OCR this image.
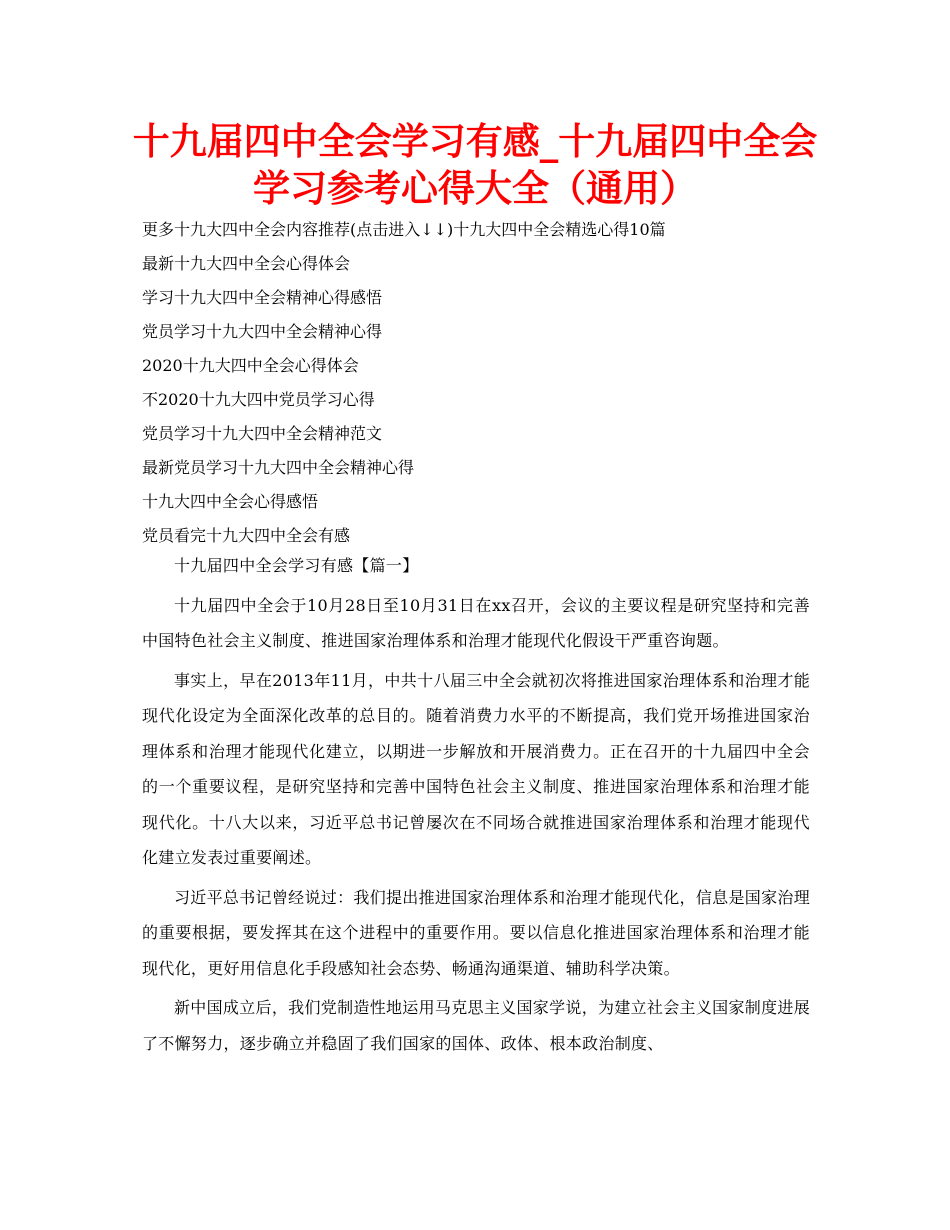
十九届四中全会学习有感_十九届四中全会
学习参考心得大全（通用）
更多十九大四中全会内容推荐(点击进入↓↓)十九大四中全会精选心得10篇
最新十九大四中全会心得体会
学习十九大四中全会精神心得感悟
党员学习十九大四中全会精神心得
2020十九大四中全会心得体会
不2020十九大四中党员学习心得
党员学习十九大四中全会精神范文
最新党员学习十九大四中全会精神心得
十九大四中全会心得感悟
党员看完十九大四中全会有感

十九届四中全会学习有感【篇一】

十九届四中全会于10月28日至10月31日在xx召开，会议的主要议程是研究坚持和完善中国特色社会主义制度、推进国家治理体系和治理才能现代化假设干严重咨询题。

事实上，早在2013年11月，中共十八届三中全会就初次将推进国家治理体系和治理才能现代化设定为全面深化改革的总目的。随着消费力水平的不断提高，我们党开场推进国家治理体系和治理才能现代化建立，以期进一步解放和开展消费力。正在召开的十九届四中全会的一个重要议程，是研究坚持和完善中国特色社会主义制度、推进国家治理体系和治理才能现代化。十八大以来，习近平总书记曾屡次在不同场合就推进国家治理体系和治理才能现代化建立发表过重要阐述。

习近平总书记曾经说过：我们提出推进国家治理体系和治理才能现代化，信息是国家治理的重要根据，要发挥其在这个进程中的重要作用。要以信息化推进国家治理体系和治理才能现代化，更好用信息化手段感知社会态势、畅通沟通渠道、辅助科学决策。

新中国成立后，我们党制造性地运用马克思主义国家学说，为建立社会主义国家制度进展了不懈努力，逐步确立并稳固了我们国家的国体、政体、根本政治制度、
